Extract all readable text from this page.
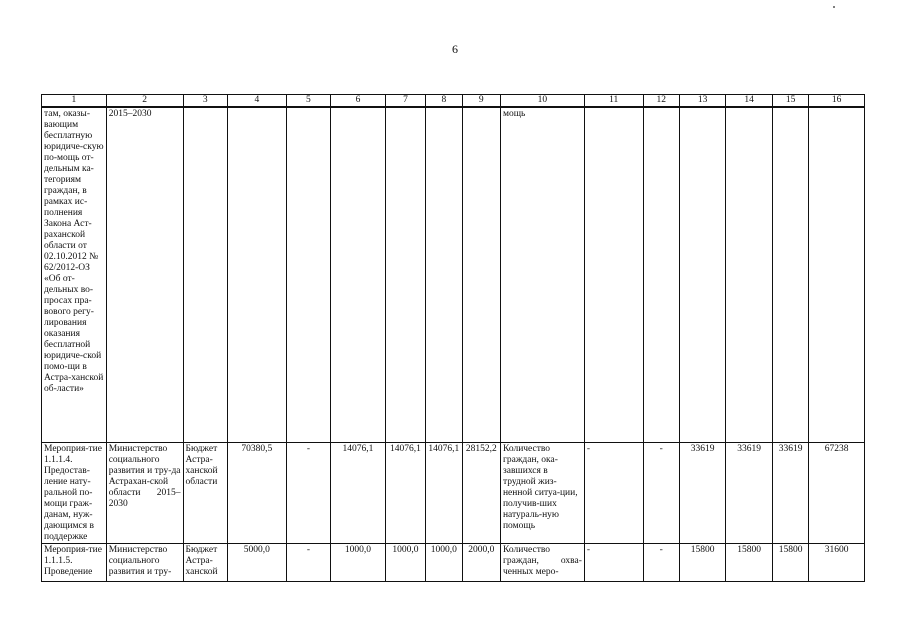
6
1	2	3	4	5	6	7	8	9	10	11	12	13	14	15	16
там, оказы-вающим бесплатную юридиче-скую по-мощь от-дельным ка-тегориям граждан, в рамках ис-полнения Закона Аст-раханской области от 02.10.2012 № 62/2012-ОЗ «Об от-дельных во-просах пра-вового регу-лирования оказания бесплатной юридиче-ской помо-щи в Астра-ханской об-ласти»	2015–2030								мощь						
Мероприя-тие 1.1.1.4. Предостав-ление нату-ральной по-мощи граж-данам, нуж-дающимся в поддержке	Министерство социального развития и тру-да Астрахан-ской области 2015–2030	Бюджет Астра-ханской области	70380,5	-	14076,1	14076,1	14076,1	28152,2	Количество граждан, ока-завшихся в трудной жиз-ненной ситуа-ции, получив-ших натураль-ную помощь	-	-	33619	33619	33619	67238
Мероприя-тие 1.1.1.5. Проведение	Министерство социального развития и тру-	Бюджет Астра-ханской	5000,0	-	1000,0	1000,0	1000,0	2000,0	Количество граждан, охва-ченных меро-	-	-	15800	15800	15800	31600
